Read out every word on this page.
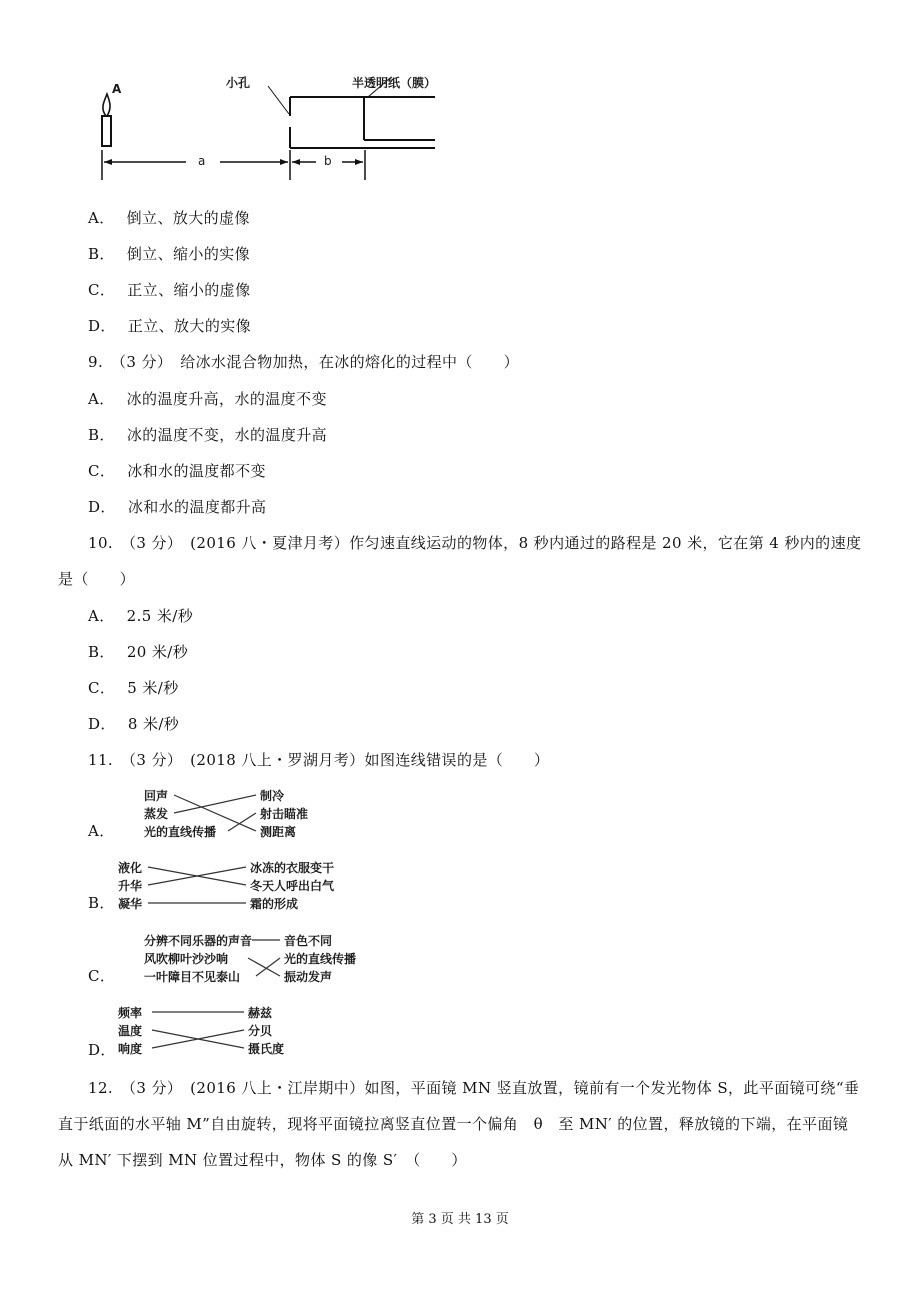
A	小孔	半透明纸（膜）
a	b
A． 倒立、放大的虚像
B． 倒立、缩小的实像
C． 正立、缩小的虚像
D． 正立、放大的实像
9.　（3 分）　给冰水混合物加热，在冰的熔化的过程中（　　）
A． 冰的温度升高，水的温度不变
B． 冰的温度不变，水的温度升高
C． 冰和水的温度都不变
D． 冰和水的温度都升高
10.　（3 分）　(2016 八・夏津月考）作匀速直线运动的物体，8 秒内通过的路程是 20 米，它在第 4 秒内的速度
是（　　）
A． 2.5 米/秒
B． 20 米/秒
C． 5 米/秒
D． 8 米/秒
11.　（3 分）　(2018 八上・罗湖月考）如图连线错误的是（　　）
A．
回声
蒸发
光的直线传播
制冷
射击瞄准
测距离
B．
液化
升华
凝华
冰冻的衣服变干
冬天人呼出白气
霜的形成
C．
分辨不同乐器的声音
风吹柳叶沙沙响
一叶障目不见泰山
音色不同
光的直线传播
振动发声
D．
频率
温度
响度
赫兹
分贝
摄氏度
12.　（3 分）　(2016 八上・江岸期中）如图，平面镜 MN 竖直放置，镜前有一个发光物体 S，此平面镜可绕“垂
直于纸面的水平轴 M”自由旋转，现将平面镜拉离竖直位置一个偏角　θ　至 MN′ 的位置，释放镜的下端，在平面镜
从 MN′ 下摆到 MN 位置过程中，物体 S 的像 S′　（　　）
第 3 页 共 13 页
